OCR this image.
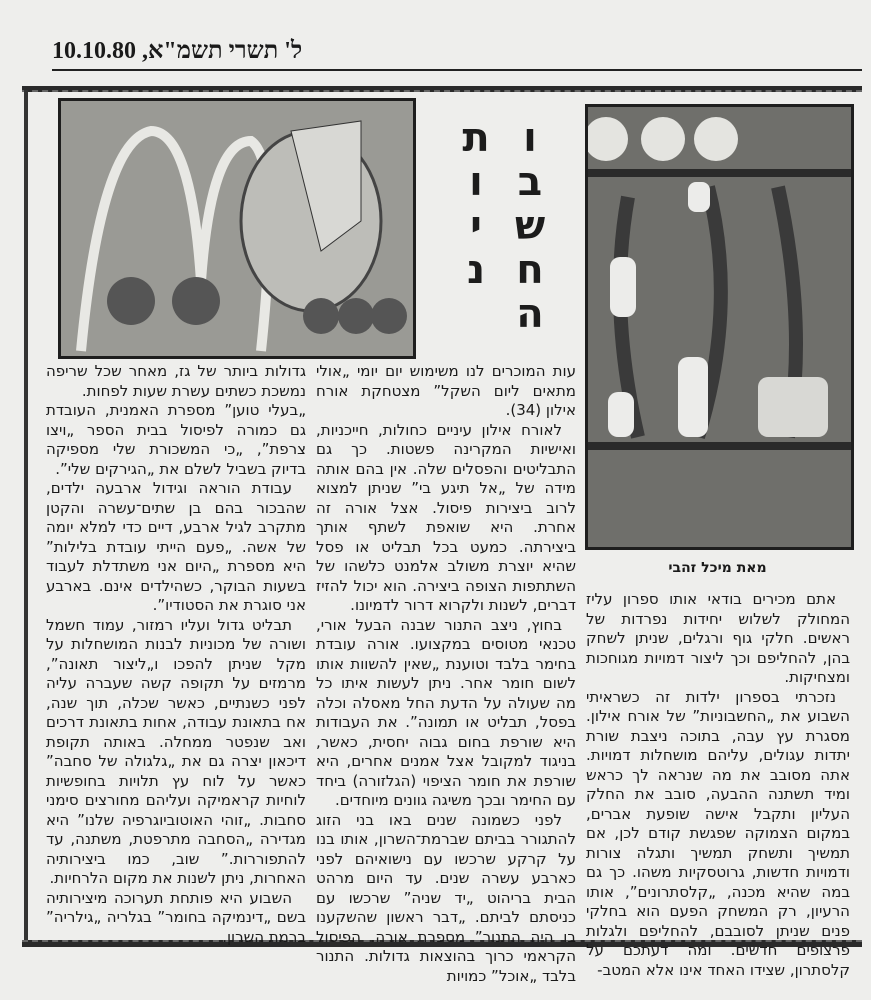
ל' תשרי תשמ"א, 10.10.80
החשבו
ניות
מאת מיכל זהבי

אתם מכירים בודאי אותו ספרון עליז המחולק לשלוש יחידות נפרדות של ראשים. חלקי גוף ורגלים, שניתן לשחק בהן, להחליפם וכך ליצור דמויות מגוחכות ומצחיקות.

נזכרתי בספרון ילדות זה כשראיתי השבוע את „החשבוניות” של אורח אילון. מסגרת עץ עבה, בתוכה ניצבת שורת יתדות עגולים, עליהם מושחלות דמויות. אתה מסובב את מה שנראה לך כראש ומיד תשתנה ההבעה, סובב את החלק העליון ותקבל אישה שופעת אברים, במקום הצמוקה שפגשת קודם לכן, אם תמשיך ותשחק תמשיך ותגלה צורות ודמויות חדשות, גרוטסקיות משהו. כך גם במה שהיא מכנה, „קלסתרונים”, אותו הרעיון, רק המשחק הפעם הוא בחלקי פנים שניתן לסובבם, להחליפם ולגלות פרצופים חדשים. ומה דעתכם על קלסתרון, שצידו האחד אינו אלא המטב-

עות המוכרים לנו משימוש יום יומי „אולי מתאים ליום השקל” מצטחקת אורח אילון (34).

לאורח אילון עיניים כחולות, חייכניות, ואישיות המקרינה פשטות. כך גם התבליטים והפסלים שלה. אין בהם אותה מידה של „אל תיגע בי” שניתן למצוא לרוב ביצירות פיסול. אצל אורה זה אחרת. היא שואפת לשתף אותך ביצירתה. כמעט בכל תבליט או פסל שהיא יוצרת משולב אלמנט כלשהו של השתתפות הצופה ביצירה. הוא יכול להזיז דברים, לשנות ולקרוא דרור לדמיונו.

בחוץ, ניצב התנור שבנה הבעל אורי, טכנאי מטוסים במקצועו. אורה עובדת בחימר בלבד וטוענת „שאין להשוות אותו לשום חומר אחר. ניתן לעשות איתו כל מה שעולה על הדעת החל מאסלה וכלה בפסל, תבליט או תמונה”. את העבודות היא שורפת בחום גבוה יחסית, כאשר, בניגוד למקובל אצל אמנים אחרים, היא שורפת את חומר הציפוי (הגלזורה) ביחד עם החימר ובכך משיגה גוונים מיוחדים.

לפני כשמונה שנים באו בני הזוג להתגורר בביתם שברמת־השרון, אותו בנו על קרקע שרכשו עם נישואיהם לפני כארבע עשרה שנים. עד היום מרהט הבית בריהוט „יד שניה” שרכשו עם כניסתם לביתם. „דבר ראשון שהשקענו בו היה התנור” מספרת אורה. הפיסול הקראמי כרוך בהוצאות גדולות. התנור בלבד „אוכל” כמויות

גדולות ביותר של גז, מאחר שכל שריפה נמשכת כשתים עשרת שעות לפחות.

„בעלי טוען” מספרת האמנית, העובדת גם כמורה לפיסול בבית הספר „ויצו צרפת”, „כי המשכורת שלי מספיקה בדיוק בשביל לשלם את „הגירקים שלי”.

עבודת הוראה וגידול ארבעה ילדים, שהבכור בהם בן שתים־עשרה והקטן מתקרב לגיל ארבע, דיים כדי למלא יומה של אשה. „פעם הייתי עובדת בלילות” היא מספרת „היום אני משתדלת לעבוד בשעות הבוקר, כשהילדים אינם. בארבע אני סוגרת את הסטודיו”.

תבליט גדול ועליו רמזור, עמוד חשמל ושורה של מכוניות לבנות המושחלות על מקל שניתן להפכו ו„ליצור תאונה”, מרמזים על תקופה קשה שעברה עליה לפני כשנתיים, כאשר שכלה, תוך שנה, אח בתאונת עבודה, אחות בתאונת דרכים ואב שנפטר ממחלה. באותה תקופת דיכאון יצרה גם את „גלגולה של סחבה” כאשר על לוח עץ תלויות בחופשיות לוחיות קראמיקה ועליהם מחורצים סימני סחבות. „זוהי האוטוביוגרפיה שלנו” היא מגדירה „הסחבה מתרפטת, משתנה, עד להתפוררות.” שוב, כמו ביצירותיה האחרות, ניתן לשנות את מקום הלרחיות.

השבוע היא פותחת תערוכה מיצירותיה בשם „דינמיקה בחומר” בגלריה „גילריה” ברמת השרון.
